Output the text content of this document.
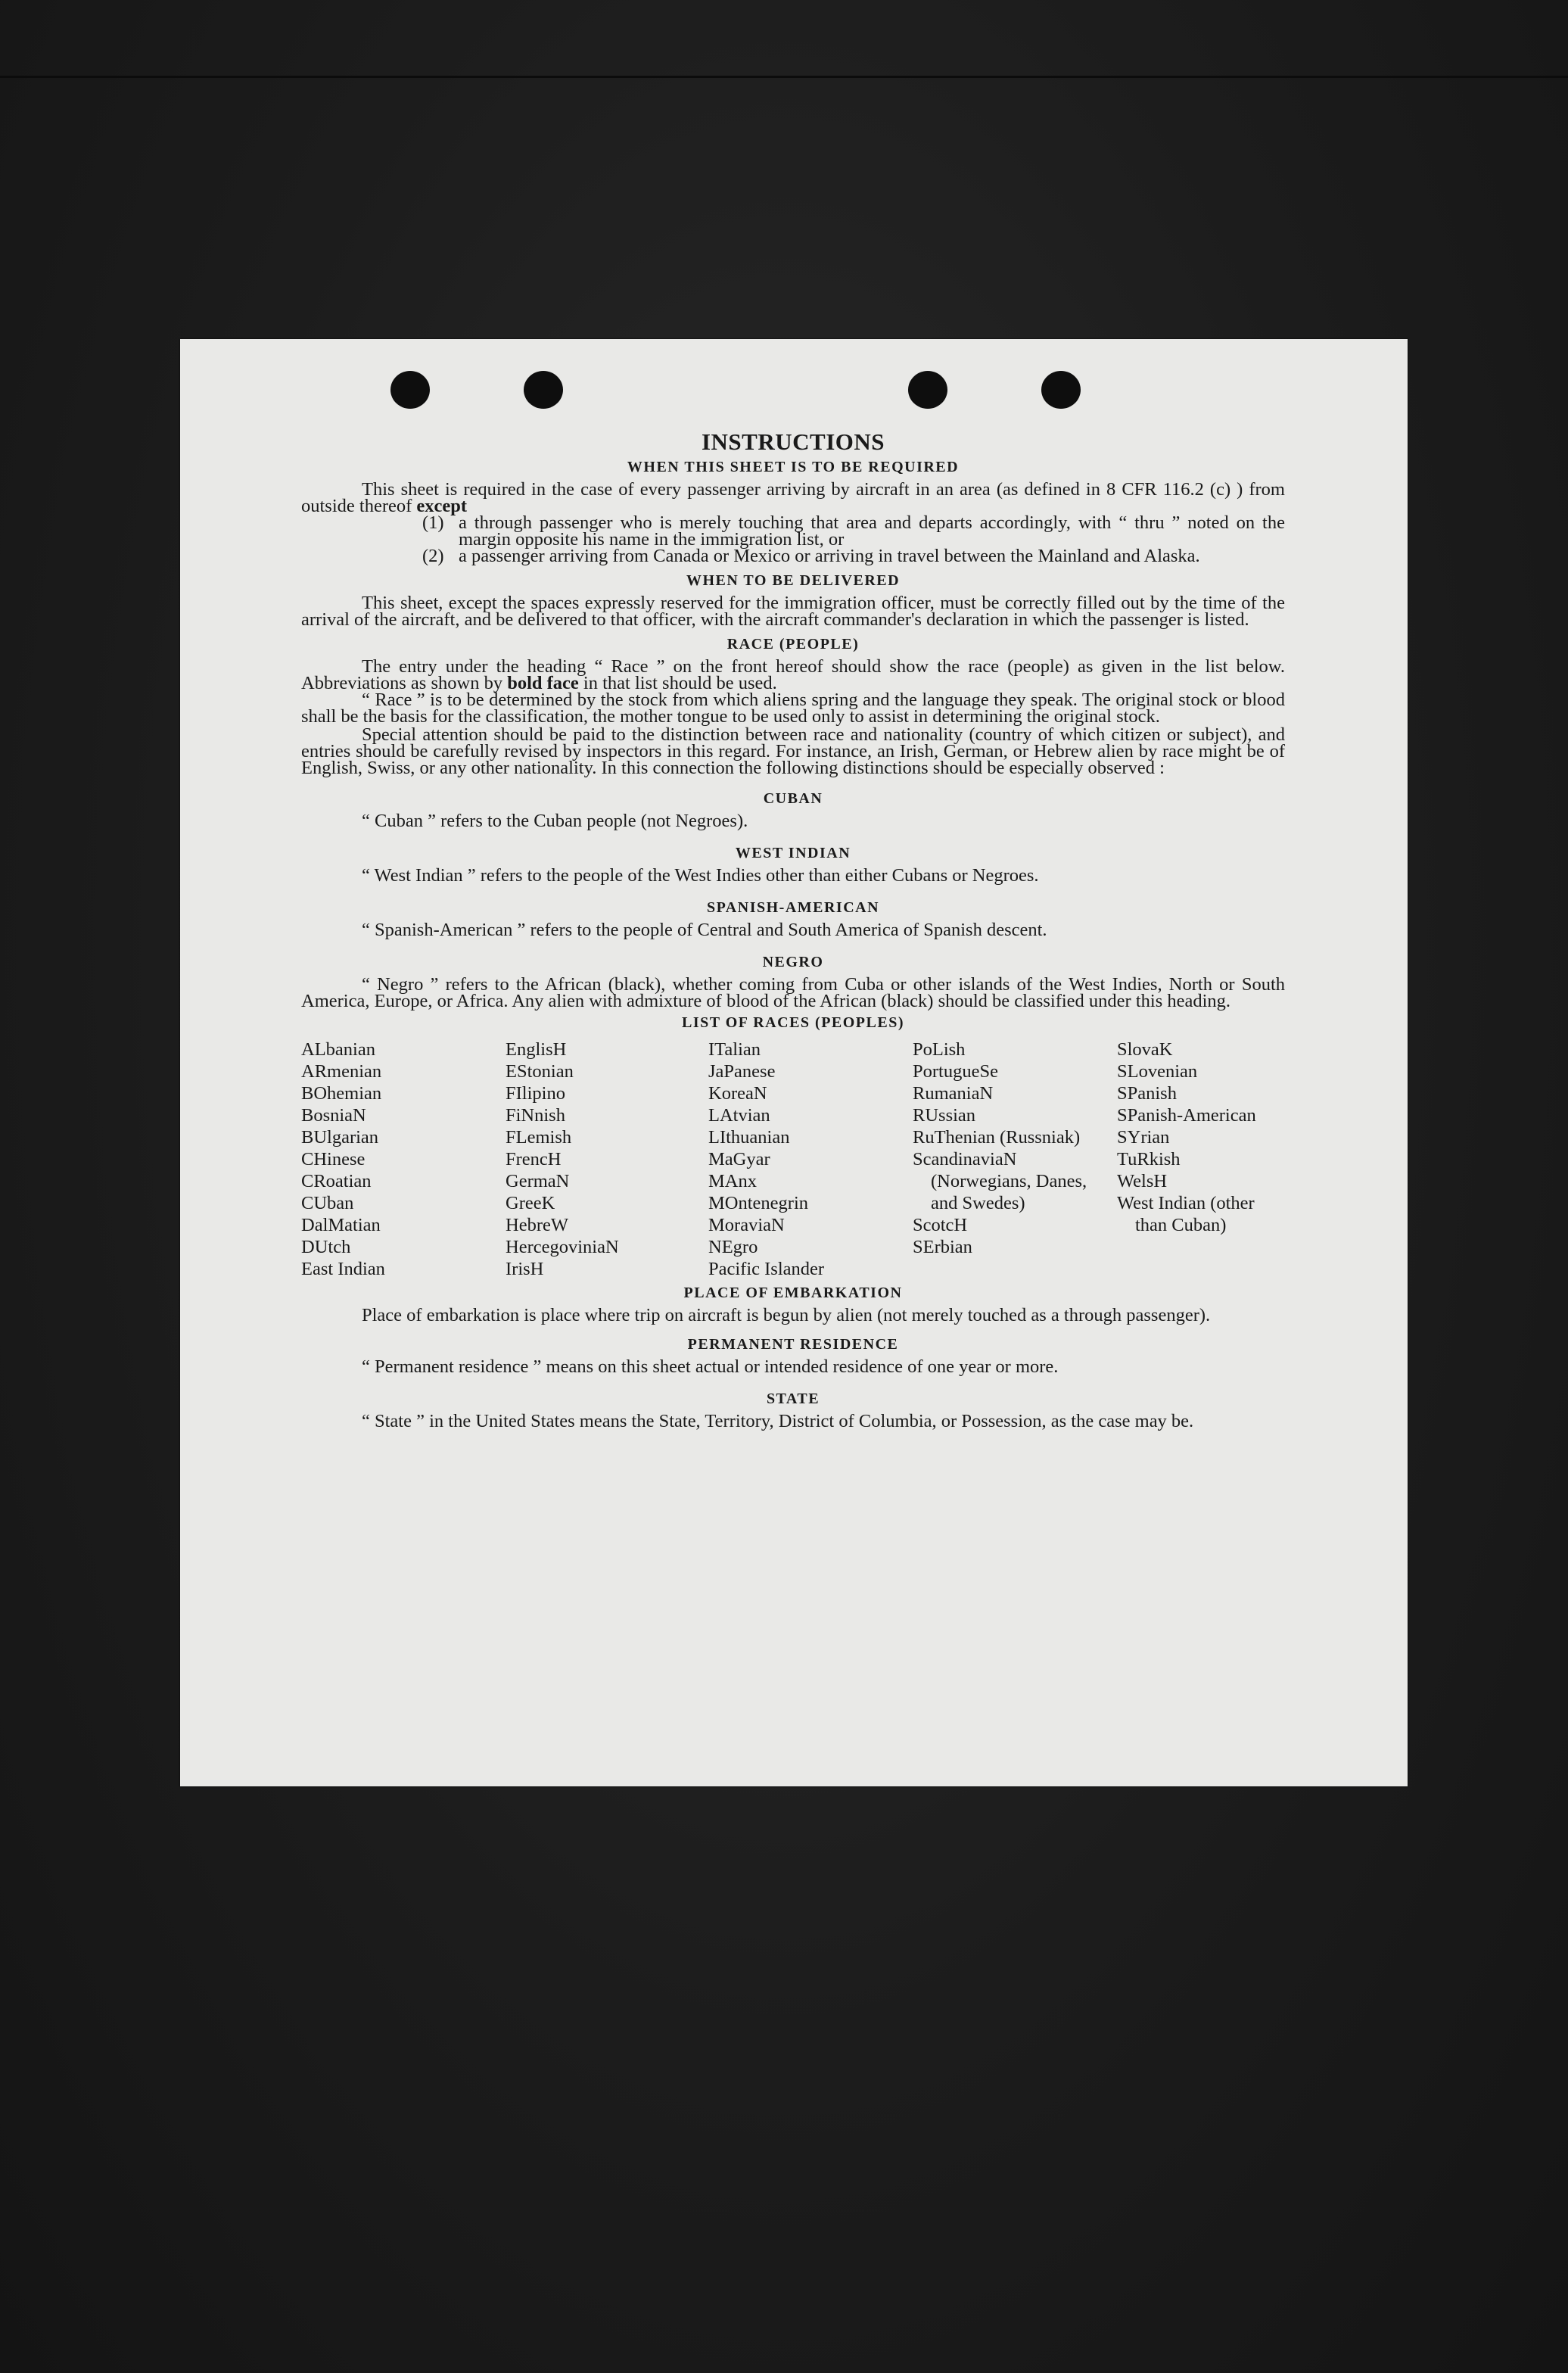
INSTRUCTIONS
WHEN THIS SHEET IS TO BE REQUIRED

This sheet is required in the case of every passenger arriving by aircraft in an area (as defined in 8 CFR 116.2 (c) ) from outside thereof except

(1) a through passenger who is merely touching that area and departs accordingly, with “ thru ” noted on the margin opposite his name in the immigration list, or
(2) a passenger arriving from Canada or Mexico or arriving in travel between the Mainland and Alaska.
WHEN TO BE DELIVERED

This sheet, except the spaces expressly reserved for the immigration officer, must be correctly filled out by the time of the arrival of the aircraft, and be delivered to that officer, with the aircraft commander's declaration in which the passenger is listed.

RACE (PEOPLE)

The entry under the heading “ Race ” on the front hereof should show the race (people) as given in the list below. Abbreviations as shown by bold face in that list should be used.

“ Race ” is to be determined by the stock from which aliens spring and the language they speak. The original stock or blood shall be the basis for the classification, the mother tongue to be used only to assist in determining the original stock.

Special attention should be paid to the distinction between race and nationality (country of which citizen or subject), and entries should be carefully revised by inspectors in this regard. For instance, an Irish, German, or Hebrew alien by race might be of English, Swiss, or any other nationality. In this connection the following distinctions should be especially observed :

CUBAN

“ Cuban ” refers to the Cuban people (not Negroes).

WEST INDIAN

“ West Indian ” refers to the people of the West Indies other than either Cubans or Negroes.

SPANISH-AMERICAN

“ Spanish-American ” refers to the people of Central and South America of Spanish descent.

NEGRO

“ Negro ” refers to the African (black), whether coming from Cuba or other islands of the West Indies, North or South America, Europe, or Africa. Any alien with admixture of blood of the African (black) should be classified under this heading.

LIST OF RACES (PEOPLES)
ALbanian
ARmenian
BOhemian
BosniaN
BUlgarian
CHinese
CRoatian
CUban
DalMatian
DUtch
East Indian
EnglisH
EStonian
FIlipino
FiNnish
FLemish
FrencH
GermaN
GreeK
HebreW
HercegoviniaN
IrisH
ITalian
JaPanese
KoreaN
LAtvian
LIthuanian
MaGyar
MAnx
MOntenegrin
MoraviaN
NEgro
Pacific Islander
PoLish
PortugueSe
RumaniaN
RUssian
RuThenian (Russniak)
ScandinaviaN (Norwegians, Danes, and Swedes)
ScotcH
SErbian
SlovaK
SLovenian
SPanish
SPanish-American
SYrian
TuRkish
WelsH
West Indian (other than Cuban)
PLACE OF EMBARKATION

Place of embarkation is place where trip on aircraft is begun by alien (not merely touched as a through passenger).

PERMANENT RESIDENCE

“ Permanent residence ” means on this sheet actual or intended residence of one year or more.

STATE

“ State ” in the United States means the State, Territory, District of Columbia, or Possession, as the case may be.
